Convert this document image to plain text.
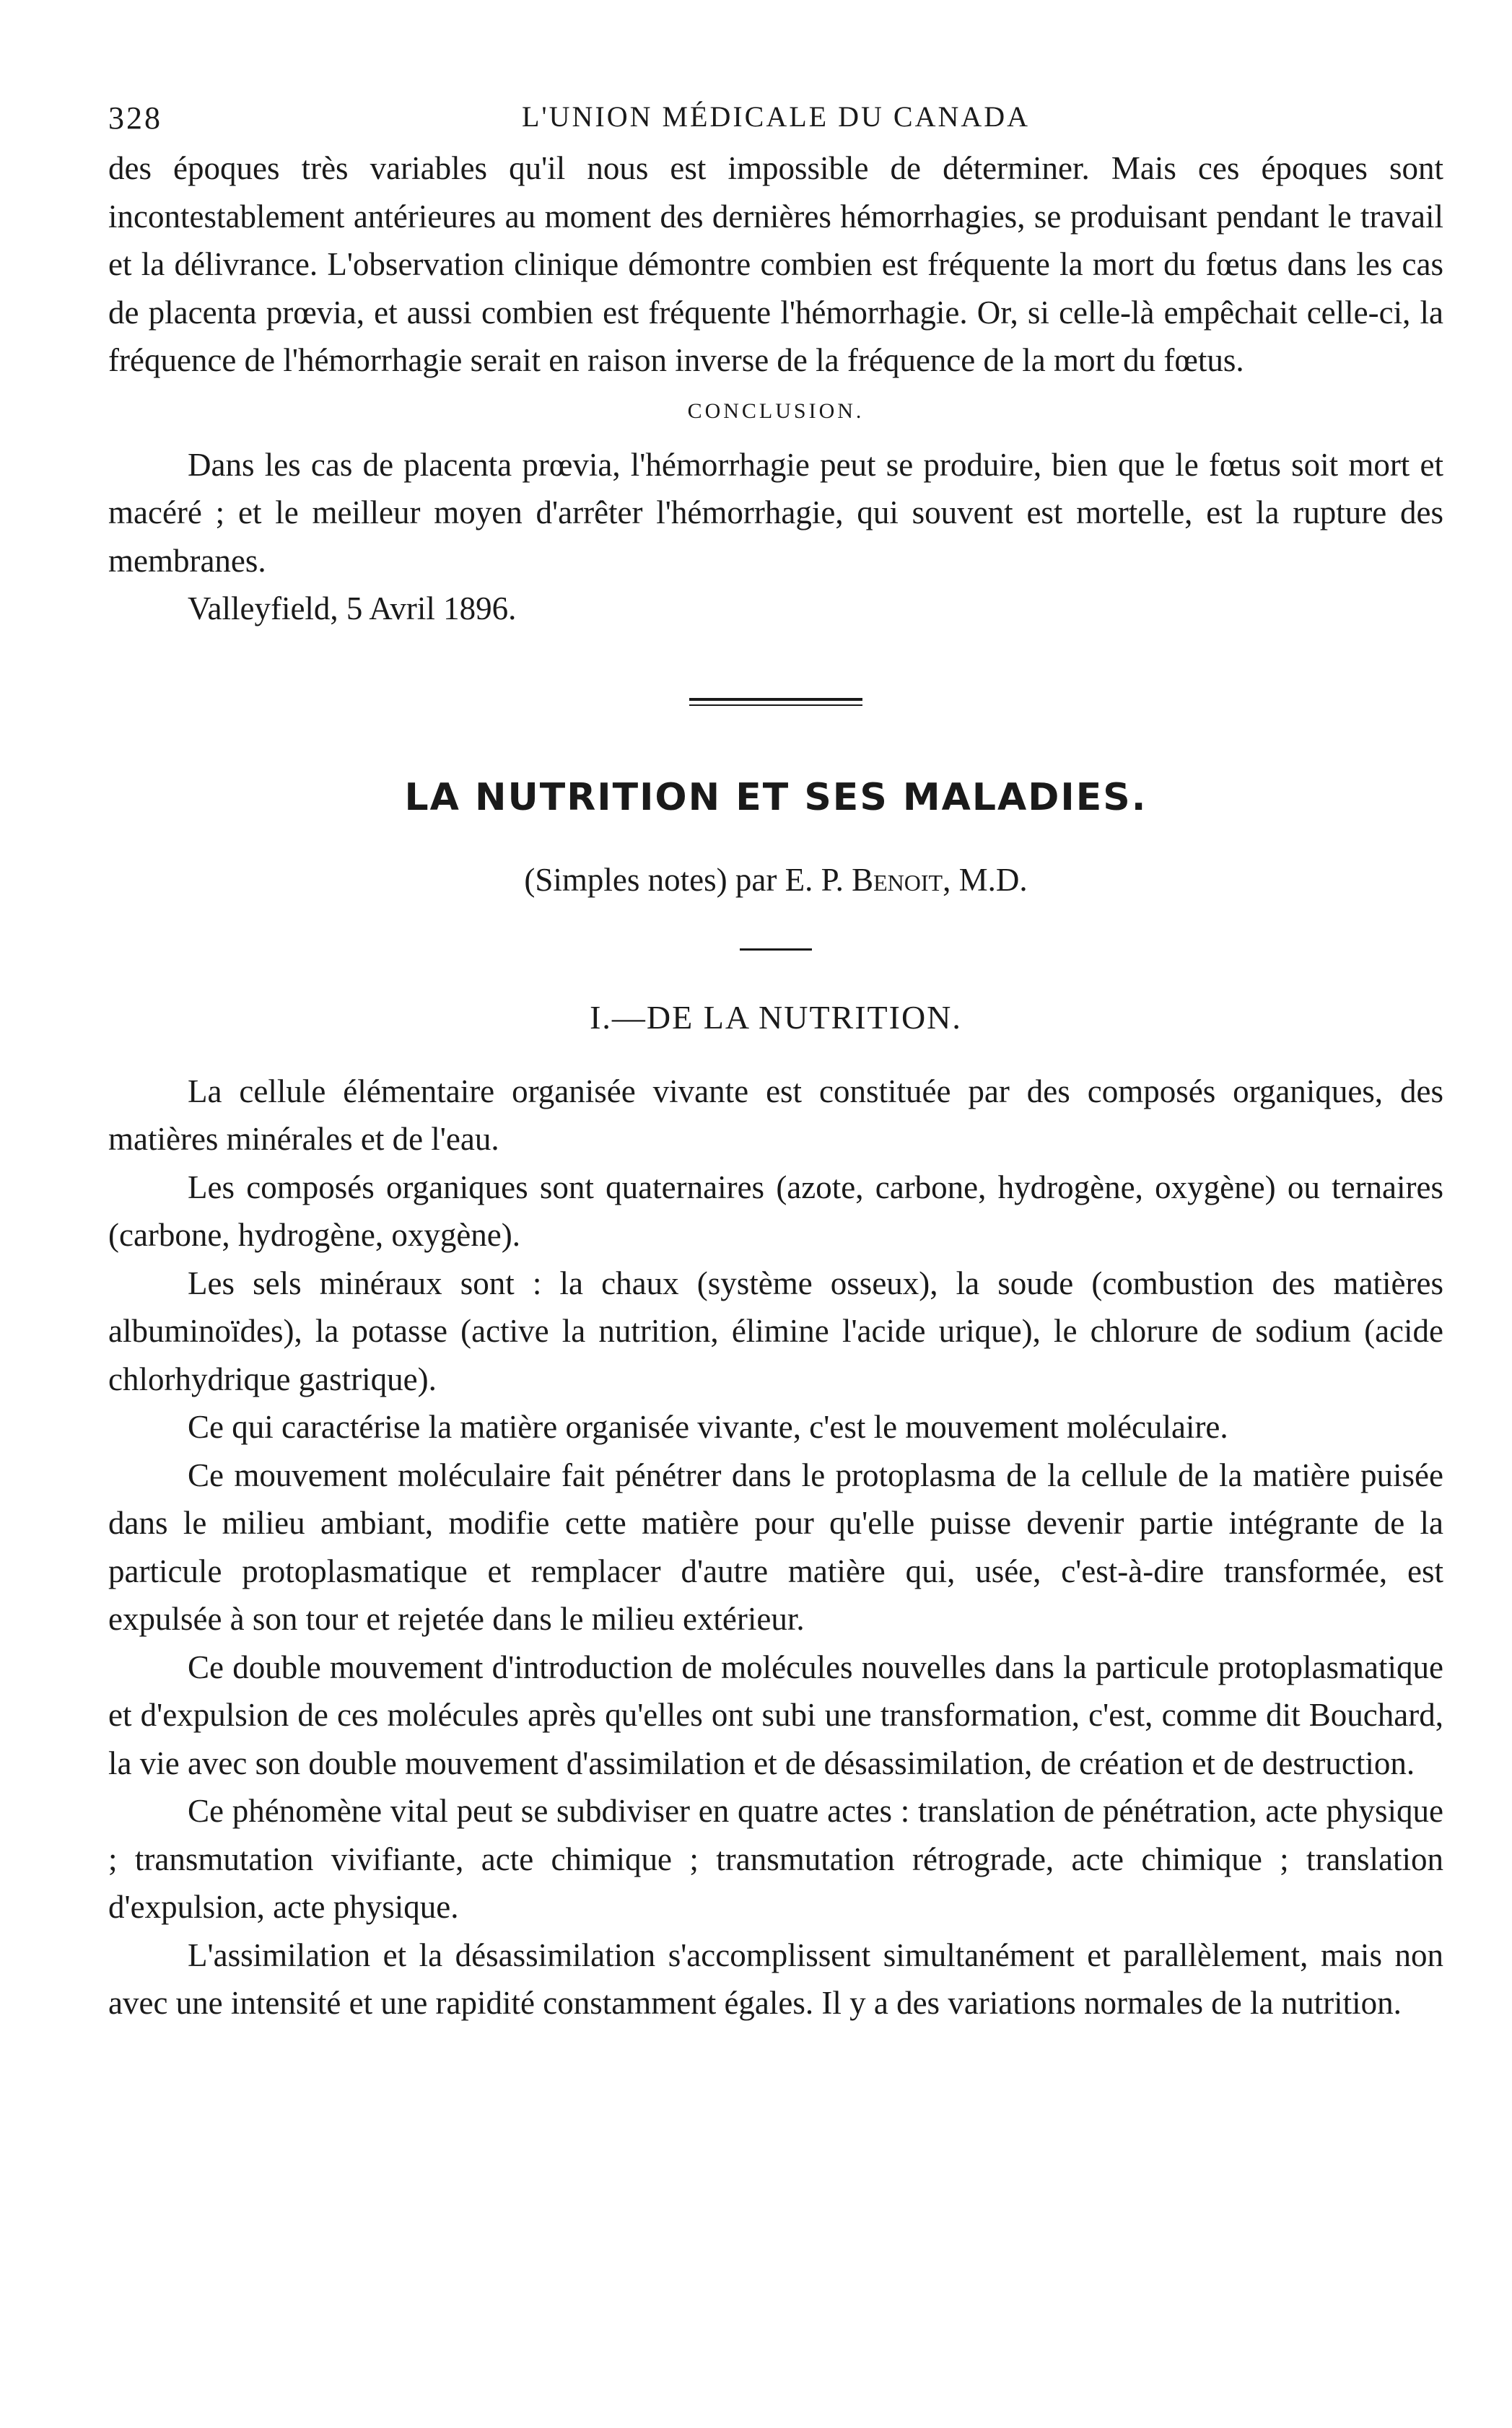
328	L'UNION MÉDICALE DU CANADA

des époques très variables qu'il nous est impossible de déterminer. Mais ces époques sont incontestablement antérieures au moment des dernières hémorrhagies, se produisant pendant le travail et la délivrance. L'observation clinique démontre combien est fréquente la mort du fœtus dans les cas de placenta prœvia, et aussi combien est fréquente l'hémorrhagie. Or, si celle-là empêchait celle-ci, la fréquence de l'hémorrhagie serait en raison inverse de la fréquence de la mort du fœtus.

CONCLUSION.

Dans les cas de placenta prœvia, l'hémorrhagie peut se produire, bien que le fœtus soit mort et macéré ; et le meilleur moyen d'arrêter l'hémorrhagie, qui souvent est mortelle, est la rupture des membranes.

Valleyfield, 5 Avril 1896.
LA NUTRITION ET SES MALADIES.
(Simples notes) par E. P. Benoit, M.D.
I.—DE LA NUTRITION.

La cellule élémentaire organisée vivante est constituée par des composés organiques, des matières minérales et de l'eau.

Les composés organiques sont quaternaires (azote, carbone, hydrogène, oxygène) ou ternaires (carbone, hydrogène, oxygène).

Les sels minéraux sont : la chaux (système osseux), la soude (combustion des matières albuminoïdes), la potasse (active la nutrition, élimine l'acide urique), le chlorure de sodium (acide chlorhydrique gastrique).

Ce qui caractérise la matière organisée vivante, c'est le mouvement moléculaire.

Ce mouvement moléculaire fait pénétrer dans le protoplasma de la cellule de la matière puisée dans le milieu ambiant, modifie cette matière pour qu'elle puisse devenir partie intégrante de la particule protoplasmatique et remplacer d'autre matière qui, usée, c'est-à-dire transformée, est expulsée à son tour et rejetée dans le milieu extérieur.

Ce double mouvement d'introduction de molécules nouvelles dans la particule protoplasmatique et d'expulsion de ces molécules après qu'elles ont subi une transformation, c'est, comme dit Bouchard, la vie avec son double mouvement d'assimilation et de désassimilation, de création et de destruction.

Ce phénomène vital peut se subdiviser en quatre actes : translation de pénétration, acte physique ; transmutation vivifiante, acte chimique ; transmutation rétrograde, acte chimique ; translation d'expulsion, acte physique.

L'assimilation et la désassimilation s'accomplissent simultanément et parallèlement, mais non avec une intensité et une rapidité constamment égales. Il y a des variations normales de la nutrition.
